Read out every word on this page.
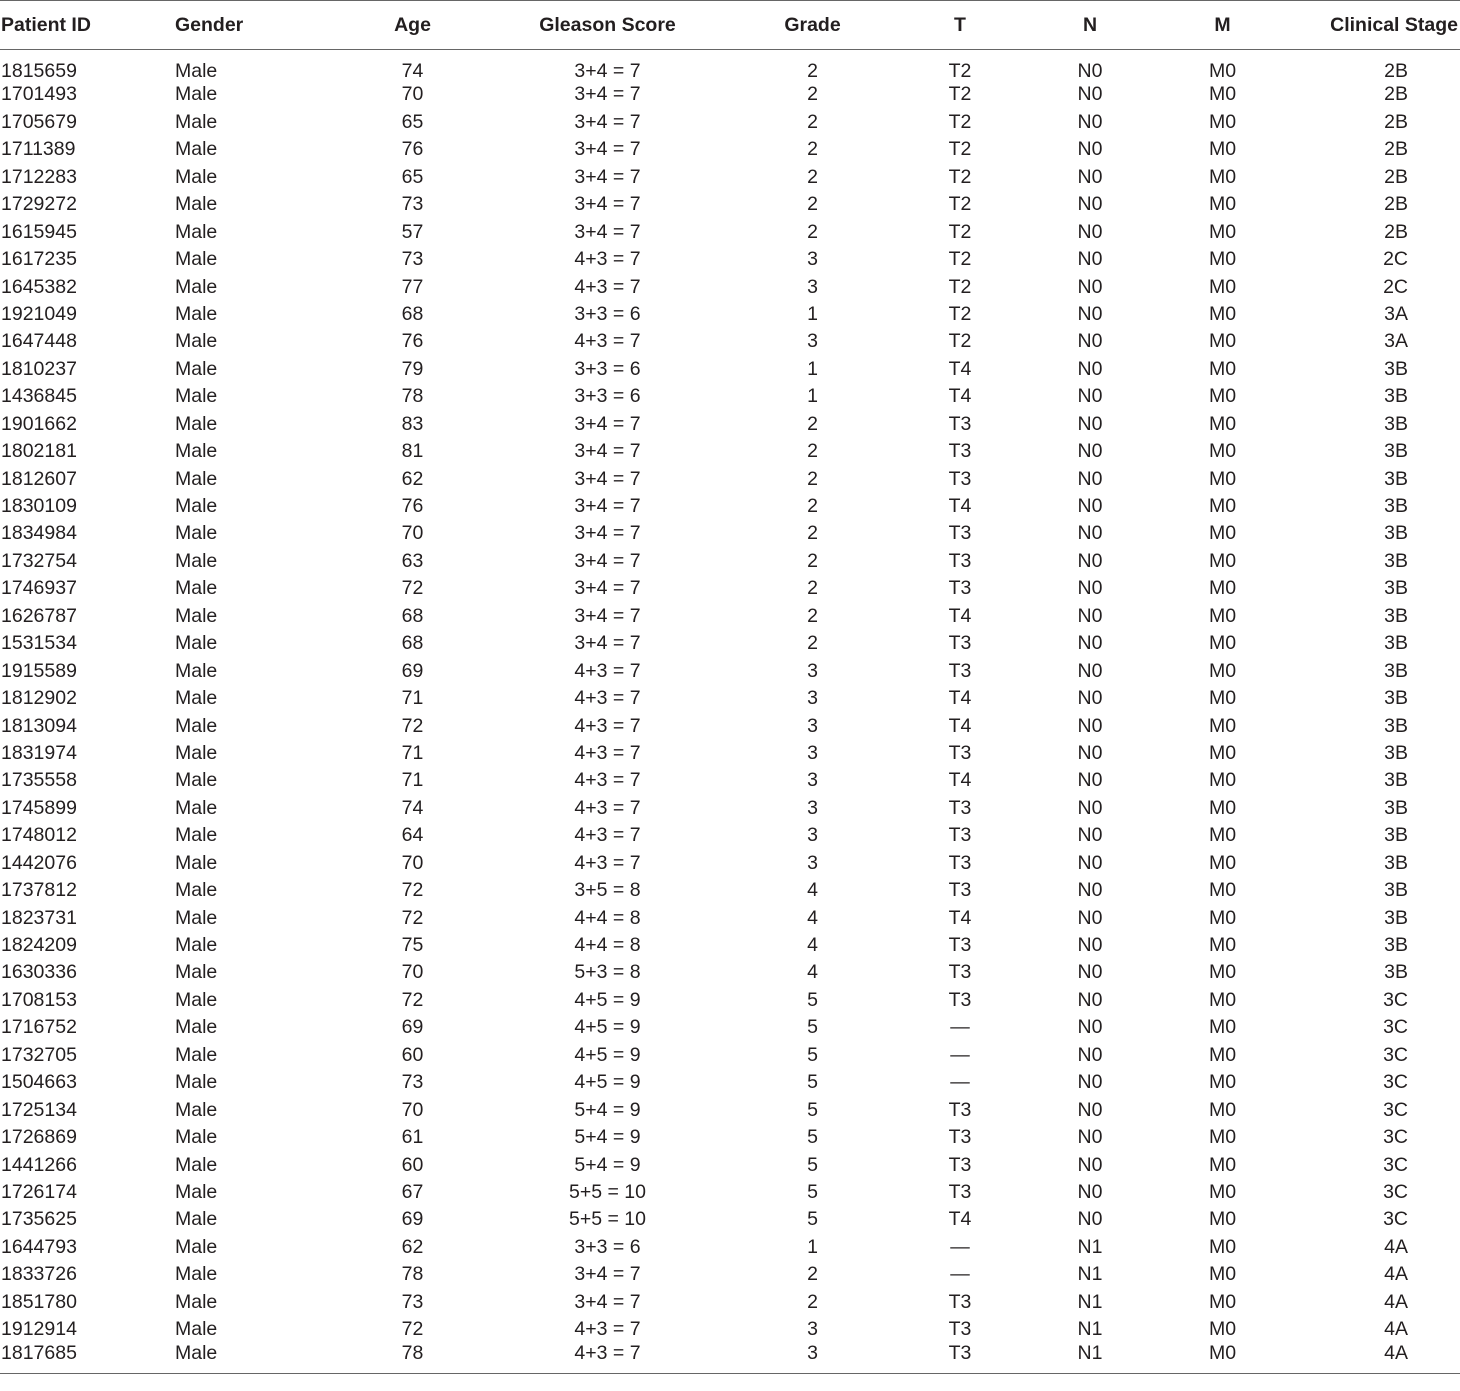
Patient ID	Gender	Age	Gleason Score	Grade	T	N	M	Clinical Stage
1815659	Male	74	3+4 = 7	2	T2	N0	M0	2B
1701493	Male	70	3+4 = 7	2	T2	N0	M0	2B
1705679	Male	65	3+4 = 7	2	T2	N0	M0	2B
1711389	Male	76	3+4 = 7	2	T2	N0	M0	2B
1712283	Male	65	3+4 = 7	2	T2	N0	M0	2B
1729272	Male	73	3+4 = 7	2	T2	N0	M0	2B
1615945	Male	57	3+4 = 7	2	T2	N0	M0	2B
1617235	Male	73	4+3 = 7	3	T2	N0	M0	2C
1645382	Male	77	4+3 = 7	3	T2	N0	M0	2C
1921049	Male	68	3+3 = 6	1	T2	N0	M0	3A
1647448	Male	76	4+3 = 7	3	T2	N0	M0	3A
1810237	Male	79	3+3 = 6	1	T4	N0	M0	3B
1436845	Male	78	3+3 = 6	1	T4	N0	M0	3B
1901662	Male	83	3+4 = 7	2	T3	N0	M0	3B
1802181	Male	81	3+4 = 7	2	T3	N0	M0	3B
1812607	Male	62	3+4 = 7	2	T3	N0	M0	3B
1830109	Male	76	3+4 = 7	2	T4	N0	M0	3B
1834984	Male	70	3+4 = 7	2	T3	N0	M0	3B
1732754	Male	63	3+4 = 7	2	T3	N0	M0	3B
1746937	Male	72	3+4 = 7	2	T3	N0	M0	3B
1626787	Male	68	3+4 = 7	2	T4	N0	M0	3B
1531534	Male	68	3+4 = 7	2	T3	N0	M0	3B
1915589	Male	69	4+3 = 7	3	T3	N0	M0	3B
1812902	Male	71	4+3 = 7	3	T4	N0	M0	3B
1813094	Male	72	4+3 = 7	3	T4	N0	M0	3B
1831974	Male	71	4+3 = 7	3	T3	N0	M0	3B
1735558	Male	71	4+3 = 7	3	T4	N0	M0	3B
1745899	Male	74	4+3 = 7	3	T3	N0	M0	3B
1748012	Male	64	4+3 = 7	3	T3	N0	M0	3B
1442076	Male	70	4+3 = 7	3	T3	N0	M0	3B
1737812	Male	72	3+5 = 8	4	T3	N0	M0	3B
1823731	Male	72	4+4 = 8	4	T4	N0	M0	3B
1824209	Male	75	4+4 = 8	4	T3	N0	M0	3B
1630336	Male	70	5+3 = 8	4	T3	N0	M0	3B
1708153	Male	72	4+5 = 9	5	T3	N0	M0	3C
1716752	Male	69	4+5 = 9	5	—	N0	M0	3C
1732705	Male	60	4+5 = 9	5	—	N0	M0	3C
1504663	Male	73	4+5 = 9	5	—	N0	M0	3C
1725134	Male	70	5+4 = 9	5	T3	N0	M0	3C
1726869	Male	61	5+4 = 9	5	T3	N0	M0	3C
1441266	Male	60	5+4 = 9	5	T3	N0	M0	3C
1726174	Male	67	5+5 = 10	5	T3	N0	M0	3C
1735625	Male	69	5+5 = 10	5	T4	N0	M0	3C
1644793	Male	62	3+3 = 6	1	—	N1	M0	4A
1833726	Male	78	3+4 = 7	2	—	N1	M0	4A
1851780	Male	73	3+4 = 7	2	T3	N1	M0	4A
1912914	Male	72	4+3 = 7	3	T3	N1	M0	4A
1817685	Male	78	4+3 = 7	3	T3	N1	M0	4A
